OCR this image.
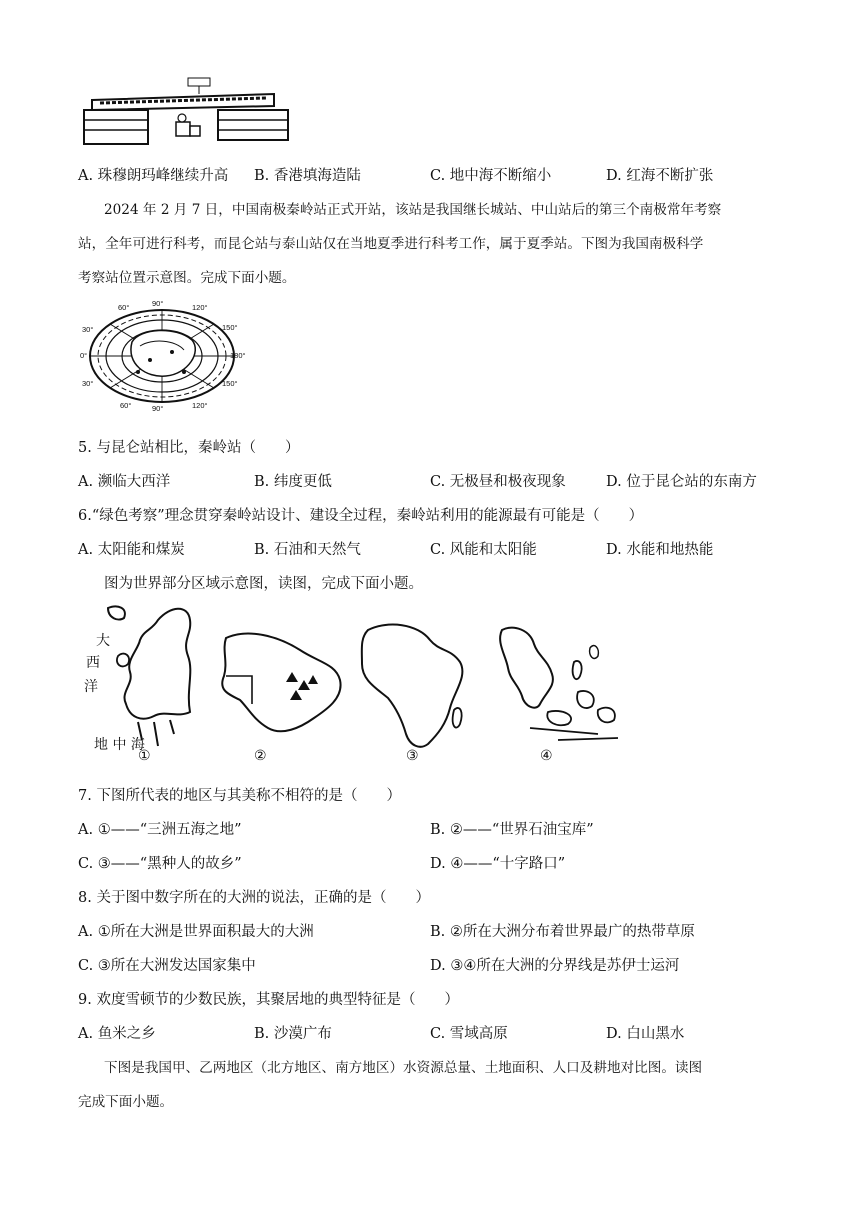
A. 珠穆朗玛峰继续升高 B. 香港填海造陆	C. 地中海不断缩小	D. 红海不断扩张
2024 年 2 月 7 日，中国南极秦岭站正式开站，该站是我国继长城站、中山站后的第三个南极常年考察
站，全年可进行科考，而昆仑站与泰山站仅在当地夏季进行科考工作，属于夏季站。下图为我国南极科学
考察站位置示意图。完成下面小题。
60°	90°	120°
150°
30°
0°	180°
30°	150°
60°	90°	120°
5. 与昆仑站相比，秦岭站（　　）
A. 濒临大西洋	B. 纬度更低	C. 无极昼和极夜现象	D. 位于昆仑站的东南方
6.“绿色考察”理念贯穿秦岭站设计、建设全过程，秦岭站利用的能源最有可能是（　　）
A. 太阳能和煤炭	B. 石油和天然气	C. 风能和太阳能	D. 水能和地热能
图为世界部分区域示意图，读图，完成下面小题。
大
西
洋
地 中 海
①	②	③	④
7. 下图所代表的地区与其美称不相符的是（　　）
A. ①——“三洲五海之地”	B. ②——“世界石油宝库”
C. ③——“黑种人的故乡”	D. ④——“十字路口”
8. 关于图中数字所在的大洲的说法，正确的是（　　）
A. ①所在大洲是世界面积最大的大洲	B. ②所在大洲分布着世界最广的热带草原
C. ③所在大洲发达国家集中	D. ③④所在大洲的分界线是苏伊士运河
9. 欢度雪顿节的少数民族，其聚居地的典型特征是（　　）
A. 鱼米之乡	B. 沙漠广布	C. 雪域高原	D. 白山黑水
下图是我国甲、乙两地区（北方地区、南方地区）水资源总量、土地面积、人口及耕地对比图。读图
完成下面小题。
